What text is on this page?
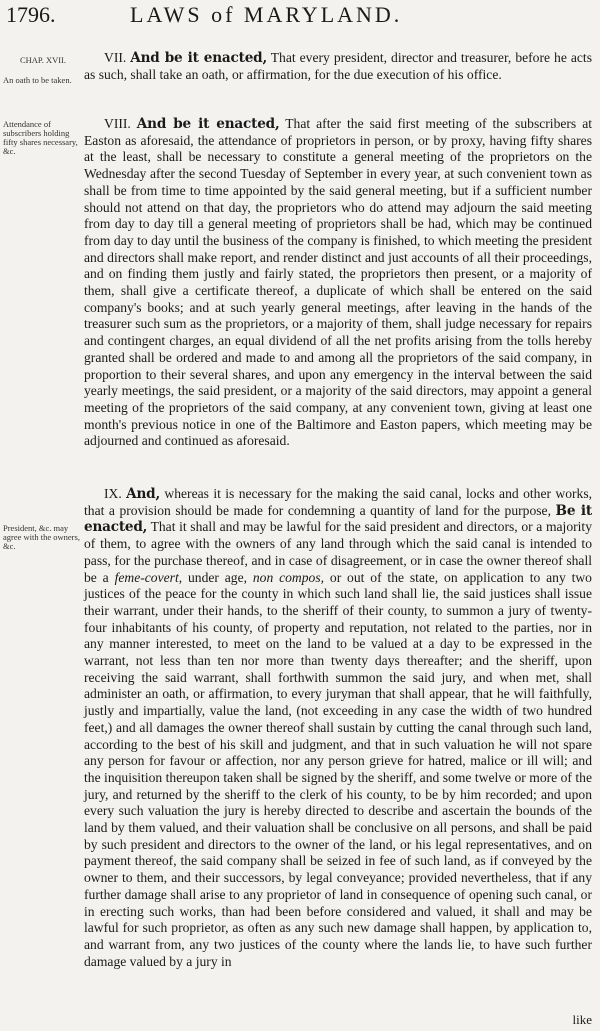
1796.	LAWS of MARYLAND.
CHAP. XVII.
An oath to be taken.
Attendance of subscribers holding fifty shares necessary, &c.
President, &c. may agree with the owners, &c.

VII. And be it enacted, That every president, director and treasurer, before he acts as such, shall take an oath, or affirmation, for the due execution of his office.

VIII. And be it enacted, That after the said first meeting of the subscribers at Easton as aforesaid, the attendance of proprietors in person, or by proxy, having fifty shares at the least, shall be necessary to constitute a general meeting of the proprietors on the Wednesday after the second Tuesday of September in every year, at such convenient town as shall be from time to time appointed by the said general meeting, but if a sufficient number should not attend on that day, the proprietors who do attend may adjourn the said meeting from day to day till a general meeting of proprietors shall be had, which may be continued from day to day until the business of the company is finished, to which meeting the president and directors shall make report, and render distinct and just accounts of all their proceedings, and on finding them justly and fairly stated, the proprietors then present, or a majority of them, shall give a certificate thereof, a duplicate of which shall be entered on the said company's books; and at such yearly general meetings, after leaving in the hands of the treasurer such sum as the proprietors, or a majority of them, shall judge necessary for repairs and contingent charges, an equal dividend of all the net profits arising from the tolls hereby granted shall be ordered and made to and among all the proprietors of the said company, in proportion to their several shares, and upon any emergency in the interval between the said yearly meetings, the said president, or a majority of the said directors, may appoint a general meeting of the proprietors of the said company, at any convenient town, giving at least one month's previous notice in one of the Baltimore and Easton papers, which meeting may be adjourned and continued as aforesaid.

IX. And, whereas it is necessary for the making the said canal, locks and other works, that a provision should be made for condemning a quantity of land for the purpose, Be it enacted, That it shall and may be lawful for the said president and directors, or a majority of them, to agree with the owners of any land through which the said canal is intended to pass, for the purchase thereof, and in case of disagreement, or in case the owner thereof shall be a feme-covert, under age, non compos, or out of the state, on application to any two justices of the peace for the county in which such land shall lie, the said justices shall issue their warrant, under their hands, to the sheriff of their county, to summon a jury of twenty-four inhabitants of his county, of property and reputation, not related to the parties, nor in any manner interested, to meet on the land to be valued at a day to be expressed in the warrant, not less than ten nor more than twenty days thereafter; and the sheriff, upon receiving the said warrant, shall forthwith summon the said jury, and when met, shall administer an oath, or affirmation, to every juryman that shall appear, that he will faithfully, justly and impartially, value the land, (not exceeding in any case the width of two hundred feet,) and all damages the owner thereof shall sustain by cutting the canal through such land, according to the best of his skill and judgment, and that in such valuation he will not spare any person for favour or affection, nor any person grieve for hatred, malice or ill will; and the inquisition thereupon taken shall be signed by the sheriff, and some twelve or more of the jury, and returned by the sheriff to the clerk of his county, to be by him recorded; and upon every such valuation the jury is hereby directed to describe and ascertain the bounds of the land by them valued, and their valuation shall be conclusive on all persons, and shall be paid by such president and directors to the owner of the land, or his legal representatives, and on payment thereof, the said company shall be seized in fee of such land, as if conveyed by the owner to them, and their successors, by legal conveyance; provided nevertheless, that if any further damage shall arise to any proprietor of land in consequence of opening such canal, or in erecting such works, than had been before considered and valued, it shall and may be lawful for such proprietor, as often as any such new damage shall happen, by application to, and warrant from, any two justices of the county where the lands lie, to have such further damage valued by a jury in

like
